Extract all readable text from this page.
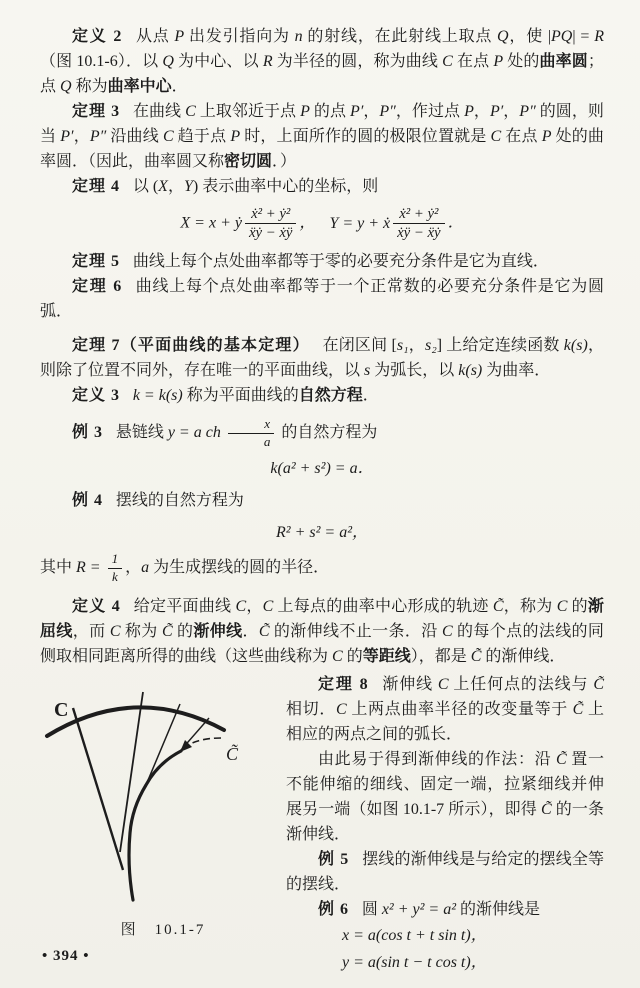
定义 2 从点 P 出发引指向为 n 的射线，在此射线上取点 Q，使 |PQ| = R（图 10.1-6）．以 Q 为中心、以 R 为半径的圆，称为曲线 C 在点 P 处的曲率圆；点 Q 称为曲率中心．

定理 3 在曲线 C 上取邻近于点 P 的点 P′，P″，作过点 P，P′，P″ 的圆，则当 P′，P″ 沿曲线 C 趋于点 P 时，上面所作的圆的极限位置就是 C 在点 P 处的曲率圆．（因此，曲率圆又称密切圆．）

定理 4 以 (X，Y) 表示曲率中心的坐标，则

X = x + ẏ $\frac{\text{ẋ² + ẏ²}}{\text{ẍẏ − ẋÿ}}$ ， Y = y + ẋ $\frac{\text{ẋ² + ẏ²}}{\text{ẋÿ − ẍẏ}}$ ．

定理 5 曲线上每个点处曲率都等于零的必要充分条件是它为直线．

定理 6 曲线上每个点处曲率都等于一个正常数的必要充分条件是它为圆弧．

定理 7（平面曲线的基本定理） 在闭区间 [s₁，s₂] 上给定连续函数 k(s)，则除了位置不同外，存在唯一的平面曲线，以 s 为弧长，以 k(s) 为曲率．

定义 3 k = k(s) 称为平面曲线的自然方程．

例 3 悬链线 y = a ch $\frac{x}{a}$ 的自然方程为

k(a² + s²) = a．

例 4 摆线的自然方程为

R² + s² = a²，

其中 $R = \frac{1}{k}$ ，a 为生成摆线的圆的半径．

定义 4 给定平面曲线 C，C 上每点的曲率中心形成的轨迹 C̃，称为 C 的渐屈线，而 C 称为 C̃ 的渐伸线．C̃ 的渐伸线不止一条．沿 C 的每个点的法线的同侧取相同距离所得的曲线（这些曲线称为 C 的等距线），都是 C̃ 的渐伸线．

C
C̃
图　10.1-7

定理 8 渐伸线 C 上任何点的法线与 C̃ 相切．C 上两点曲率半径的改变量等于 C̃ 上相应的两点之间的弧长．

由此易于得到渐伸线的作法：沿 C̃ 置一不能伸缩的细线、固定一端，拉紧细线并伸展另一端（如图 10.1-7 所示），即得 C̃ 的一条渐伸线．

例 5 摆线的渐伸线是与给定的摆线全等的摆线．

例 6 圆 x² + y² = a² 的渐伸线是

x = a(cos t + t sin t)，
y = a(sin t − t cos t)，
• 394 •
